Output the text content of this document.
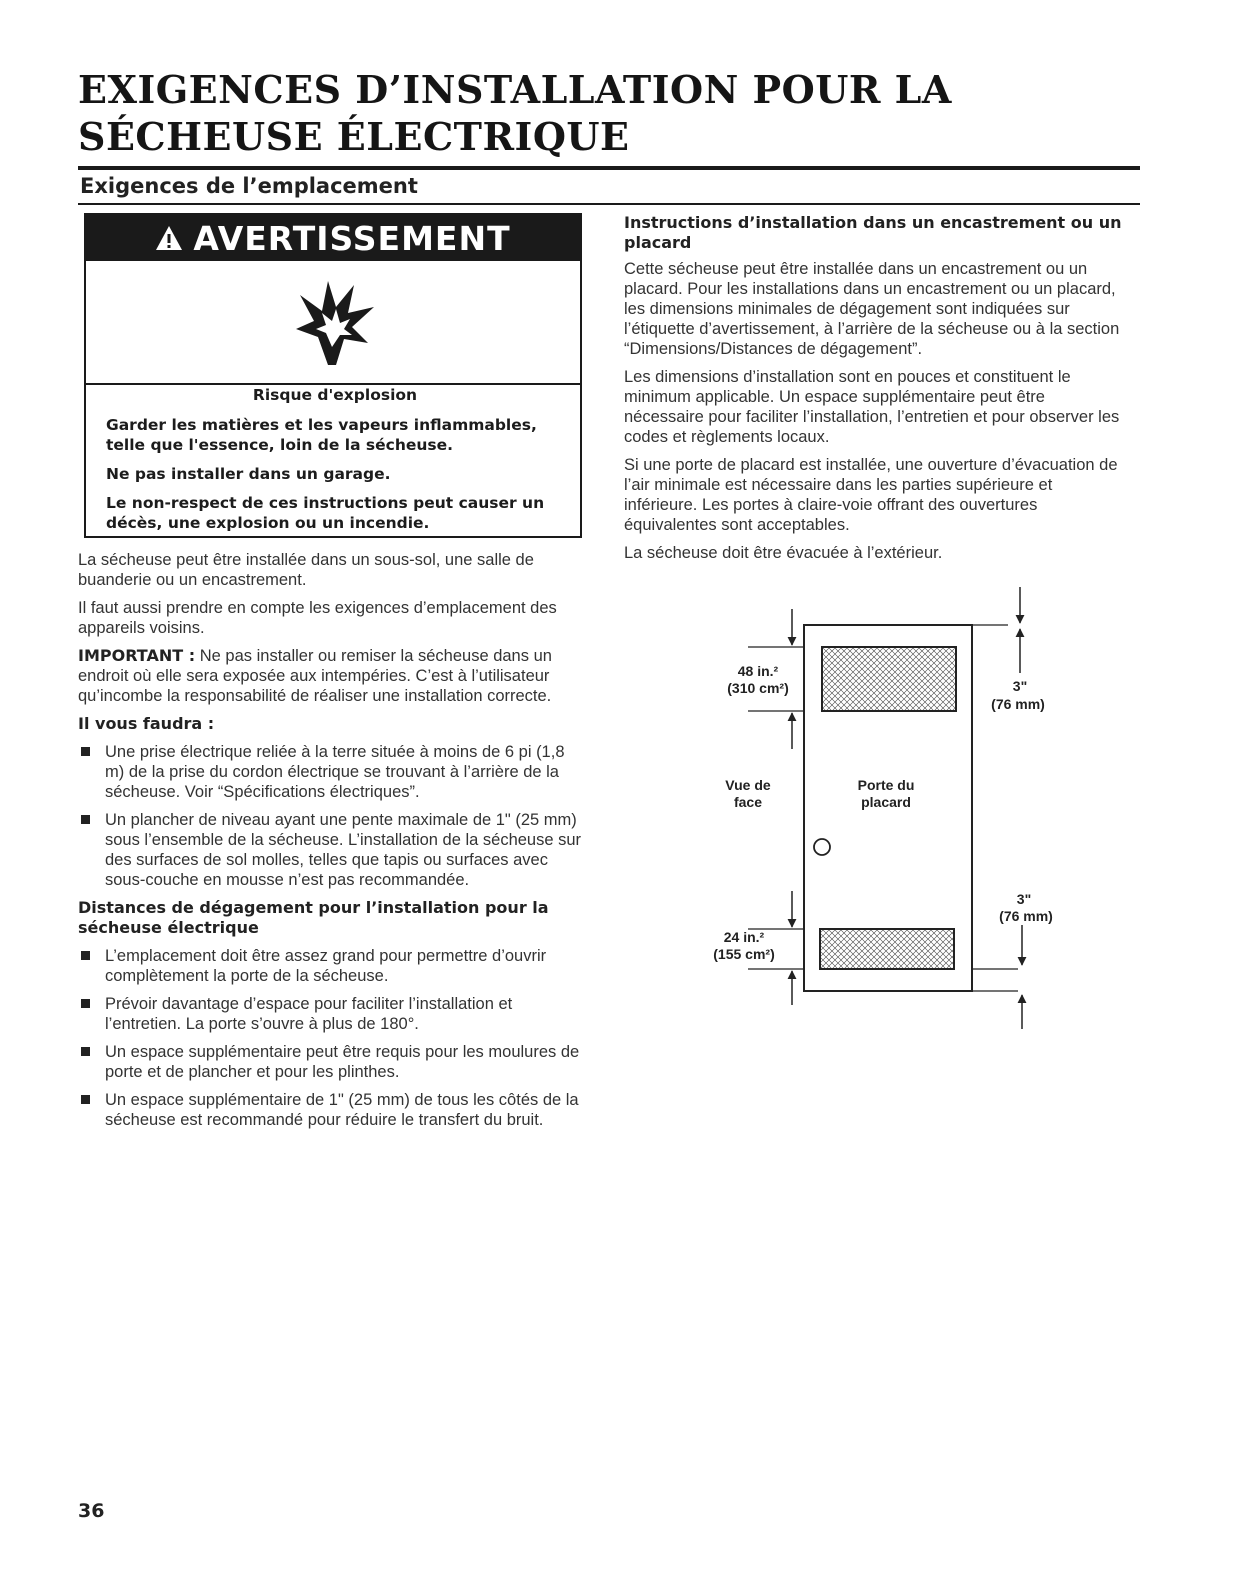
EXIGENCES D’INSTALLATION POUR LA SÉCHEUSE ÉLECTRIQUE
Exigences de l’emplacement
AVERTISSEMENT

Risque d'explosion

Garder les matières et les vapeurs inflammables, telle que l'essence, loin de la sécheuse.

Ne pas installer dans un garage.

Le non-respect de ces instructions peut causer un décès, une explosion ou un incendie.

La sécheuse peut être installée dans un sous-sol, une salle de buanderie ou un encastrement.

Il faut aussi prendre en compte les exigences d’emplacement des appareils voisins.

IMPORTANT : Ne pas installer ou remiser la sécheuse dans un endroit où elle sera exposée aux intempéries. C’est à l’utilisateur qu’incombe la responsabilité de réaliser une installation correcte.

Il vous faudra :

Une prise électrique reliée à la terre située à moins de 6 pi (1,8 m) de la prise du cordon électrique se trouvant à l’arrière de la sécheuse. Voir “Spécifications électriques”.
Un plancher de niveau ayant une pente maximale de 1" (25 mm) sous l’ensemble de la sécheuse. L’installation de la sécheuse sur des surfaces de sol molles, telles que tapis ou surfaces avec sous-couche en mousse n’est pas recommandée.

Distances de dégagement pour l’installation pour la sécheuse électrique

L’emplacement doit être assez grand pour permettre d’ouvrir complètement la porte de la sécheuse.
Prévoir davantage d’espace pour faciliter l’installation et l’entretien. La porte s’ouvre à plus de 180°.
Un espace supplémentaire peut être requis pour les moulures de porte et de plancher et pour les plinthes.
Un espace supplémentaire de 1" (25 mm) de tous les côtés de la sécheuse est recommandé pour réduire le transfert du bruit.

Instructions d’installation dans un encastrement ou un placard

Cette sécheuse peut être installée dans un encastrement ou un placard. Pour les installations dans un encastrement ou un placard, les dimensions minimales de dégagement sont indiquées sur l’étiquette d’avertissement, à l’arrière de la sécheuse ou à la section “Dimensions/Distances de dégagement”.

Les dimensions d’installation sont en pouces et constituent le minimum applicable. Un espace supplémentaire peut être nécessaire pour faciliter l’installation, l’entretien et pour observer les codes et règlements locaux.

Si une porte de placard est installée, une ouverture d’évacuation de l’air minimale est nécessaire dans les parties supérieure et inférieure. Les portes à claire-voie offrant des ouvertures équivalentes sont acceptables.

La sécheuse doit être évacuée à l’extérieur.

48 in.²
(310 cm²)	3"
(76 mm)
Vue de
face
Porte du
placard
3"
(76 mm)
24 in.²
(155 cm²)
36
